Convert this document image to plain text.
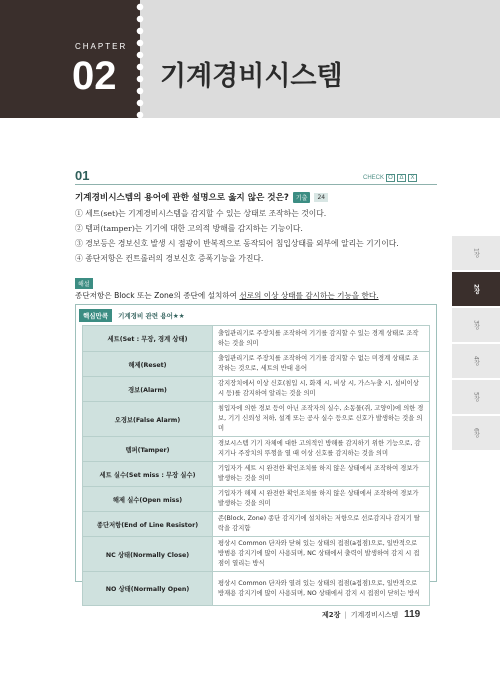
CHAPTER
02 기계경비시스템
01	CHECK O	Δ	X
기계경비시스템의 용어에 관한 설명으로 옳지 않은 것은?	기출	24
① 세트(set)는 기계경비시스템을 감지할 수 있는 상태로 조작하는 것이다.
② 템퍼(tamper)는 기기에 대한 고의적 방해를 감지하는 기능이다.
③ 경보등은 경보신호 발생 시 점광이 반복적으로 동작되어 침입상태를 외부에 알리는 기기이다.
④ 종단저항은 컨트롤러의 경보신호 증폭기능을 가진다.
1장
2장
3장
4장
5장
6장
해설
종단저항은 Block 또는 Zone의 종단에 설치하여 선로의 이상 상태를 감시하는 기능을 한다.
핵심만콕	기계경비 관련 용어★★
세트(Set : 무장, 경계 상태)	출입관리기로 주장치를 조작하여 기기를 감지할 수 있는 경계 상태로 조작하는 것을 의미
해제(Reset)	출입관리기로 주장치를 조작하여 기기를 감지할 수 없는 미경계 상태로 조작하는 것으로, 세트의 반대 용어
경보(Alarm)	감지장치에서 이상 신호(침입 시, 화재 시, 비상 시, 가스누출 시, 설비이상 시 등)를 감지하여 알리는 것을 의미
오경보(False Alarm)	침입자에 의한 경보 등이 아닌 조작자의 실수, 소동물(쥐, 고양이)에 의한 경보, 기기 신뢰성 저하, 설계 또는 공사 실수 등으로 신호가 발생하는 것을 의미
템퍼(Tamper)	경보시스템 기기 자체에 대한 고의적인 방해를 감지하기 위한 기능으로, 감지기나 주장치의 뚜껑을 열 때 이상 신호를 감지하는 것을 의미
세트 실수(Set miss : 무장 실수)	기입자가 세트 시 완전한 확인조치를 하지 않은 상태에서 조작하여 경보가 발생하는 것을 의미
해제 실수(Open miss)	기입자가 해제 시 완전한 확인조치를 하지 않은 상태에서 조작하여 경보가 발생하는 것을 의미
종단저항(End of Line Resistor)	존(Block, Zone) 종단 감지기에 설치하는 저항으로 선로감지나 감지기 탈락을 감지함
NC 상태(Normally Close)	평상시 Common 단자와 닫혀 있는 상태의 접점(a접점)으로, 일반적으로 방범용 감지기에 많이 사용되며, NC 상태에서 출력이 발생하여 감지 시 접점이 열리는 방식
NO 상태(Normally Open)	평상시 Common 단자와 열려 있는 상태의 접점(a접점)으로, 일반적으로 방재용 감지기에 많이 사용되며, NO 상태에서 감지 시 접점이 닫히는 방식
제2장 | 기계경비시스템 119
